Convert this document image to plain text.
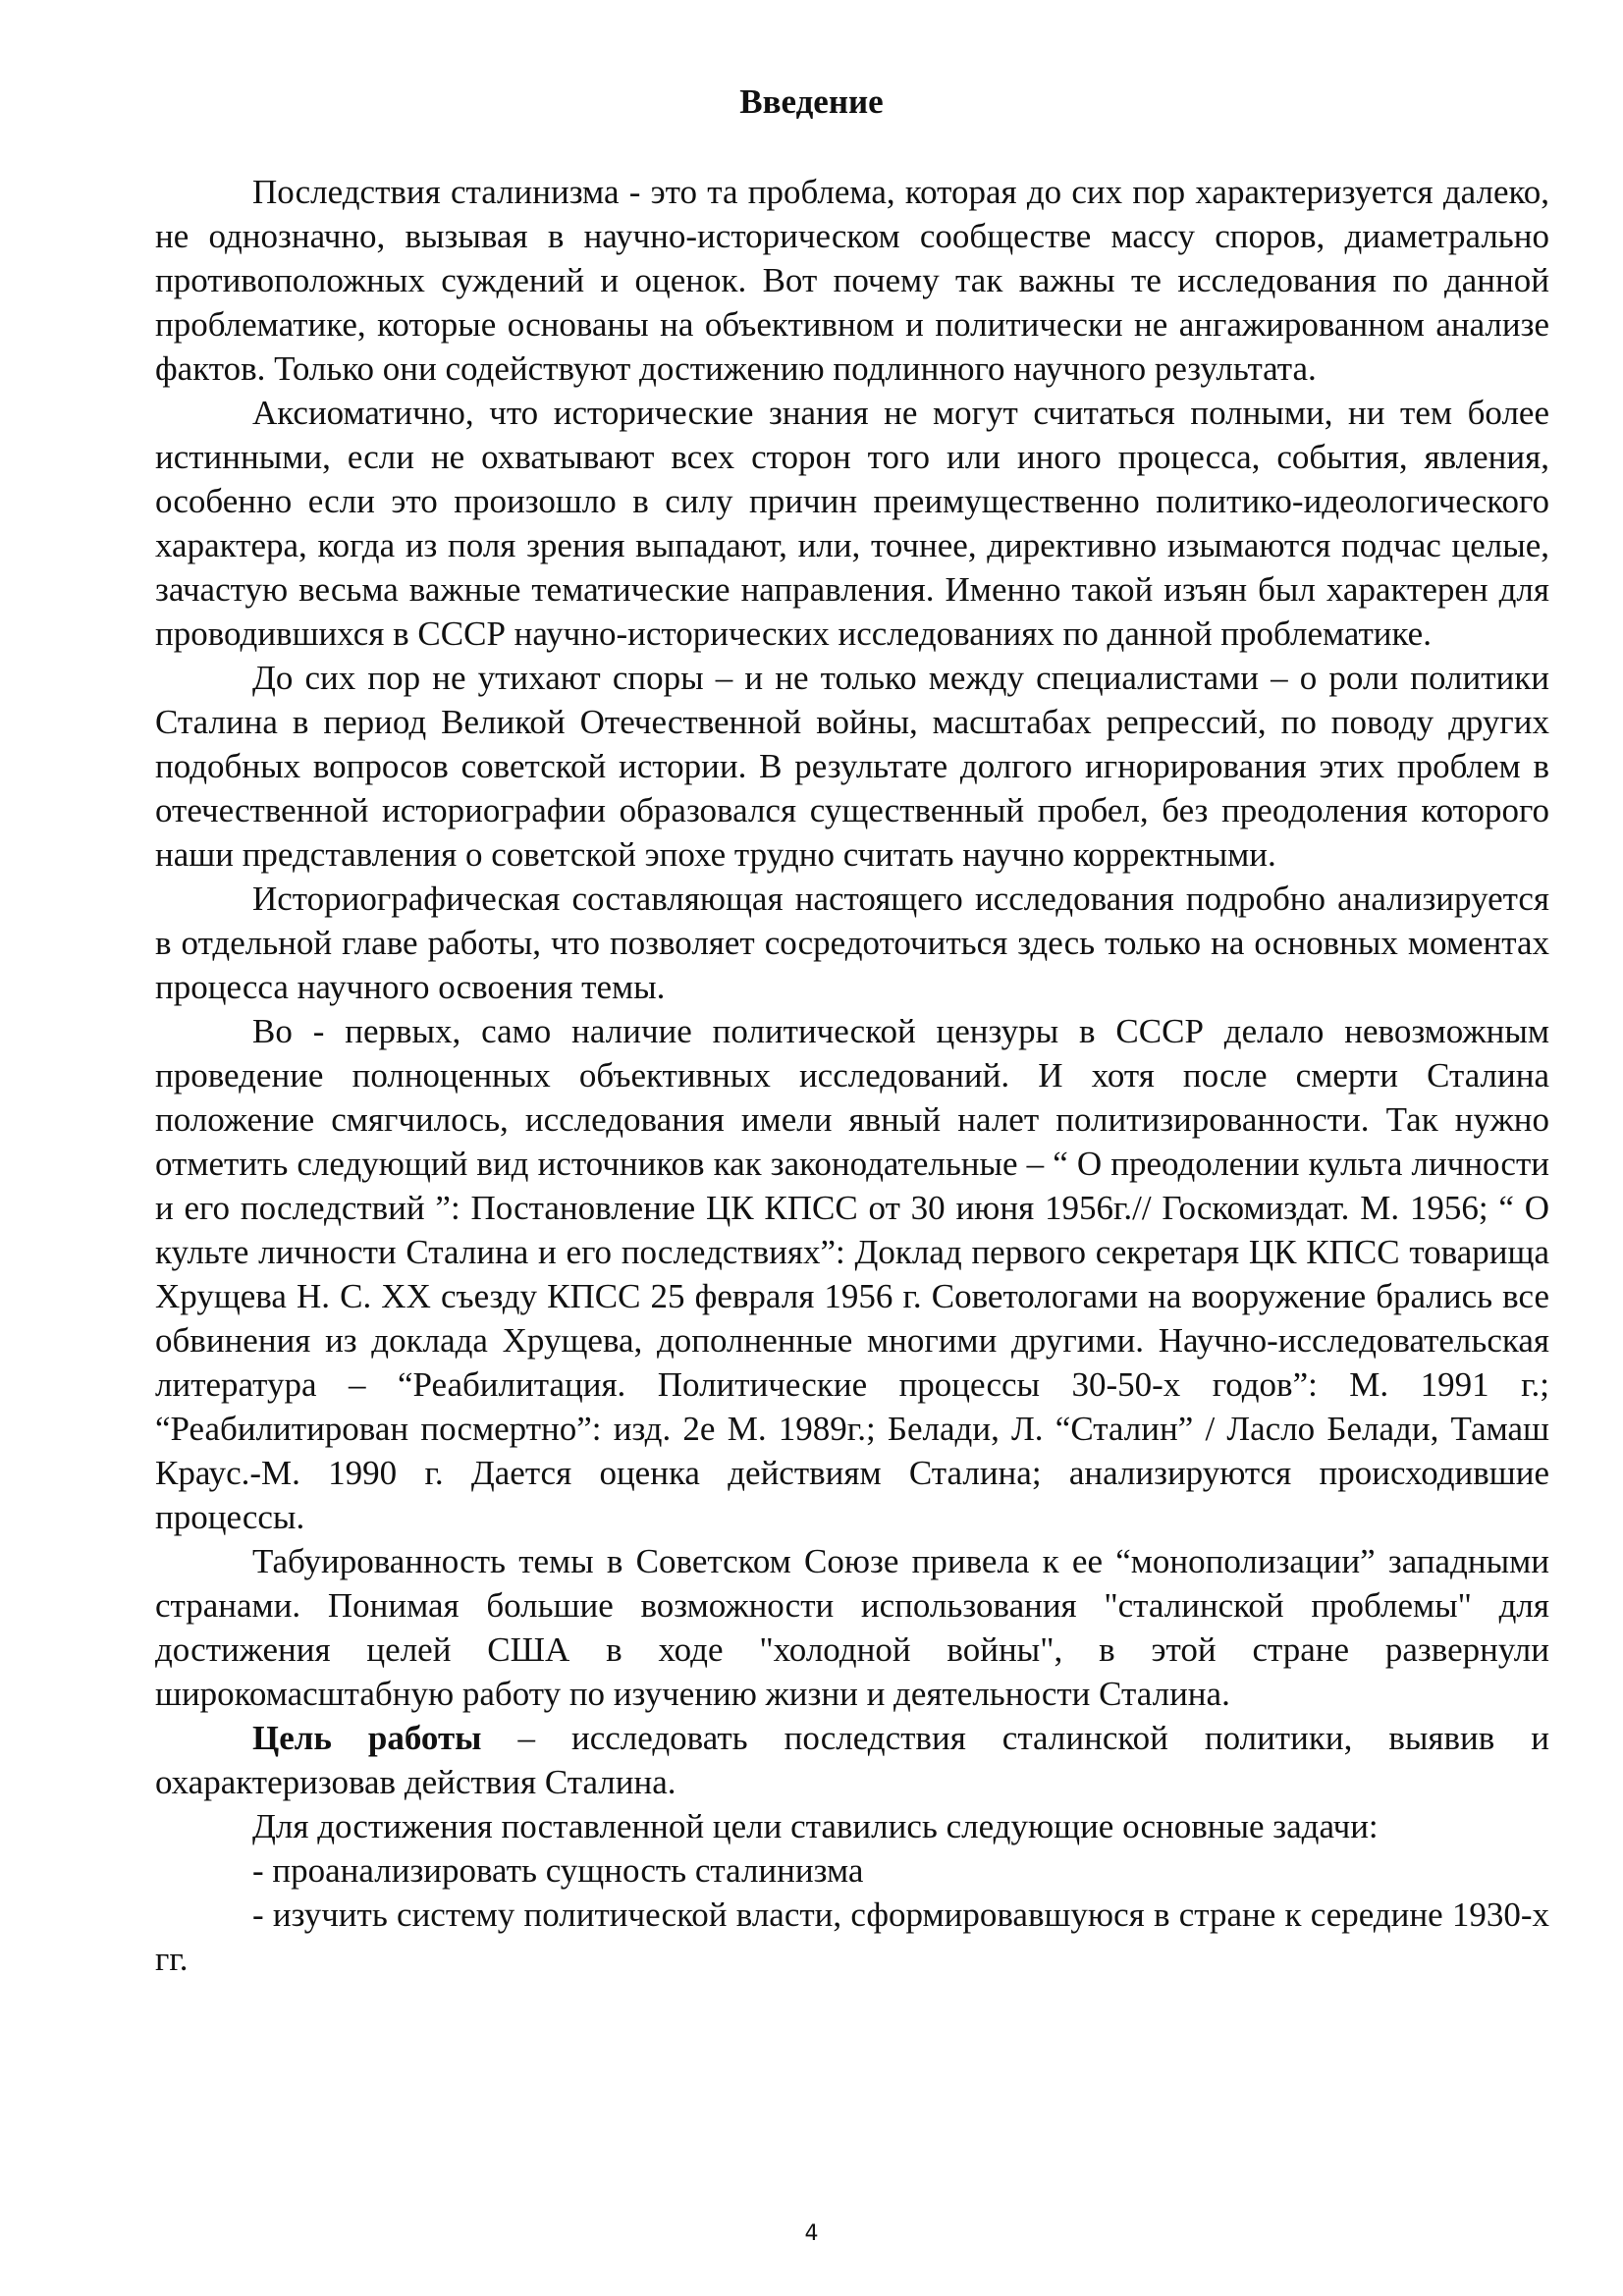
Введение

Последствия сталинизма - это та проблема, которая до сих пор характеризуется далеко, не однозначно, вызывая в научно-историческом сообществе массу споров, диаметрально противоположных суждений и оценок. Вот почему так важны те исследования по данной проблематике, которые основаны на объективном и политически не ангажированном анализе фактов. Только они содействуют достижению подлинного научного результата.

Аксиоматично, что исторические знания не могут считаться полными, ни тем более истинными, если не охватывают всех сторон того или иного процесса, события, явления, особенно если это произошло в силу причин преимущественно политико-идеологического характера, когда из поля зрения выпадают, или, точнее, директивно изымаются подчас целые, зачастую весьма важные тематические направления. Именно такой изъян был характерен для проводившихся в СССР научно-исторических исследованиях по данной проблематике.

До сих пор не утихают споры – и не только между специалистами – о роли политики Сталина в период Великой Отечественной войны, масштабах репрессий, по поводу других подобных вопросов советской истории. В результате долгого игнорирования этих проблем в отечественной историографии образовался существенный пробел, без преодоления которого наши представления о советской эпохе трудно считать научно корректными.

Историографическая составляющая настоящего исследования подробно анализируется в отдельной главе работы, что позволяет сосредоточиться здесь только на основных моментах процесса научного освоения темы.

Во - первых, само наличие политической цензуры в СССР делало невозможным проведение полноценных объективных исследований. И хотя после смерти Сталина положение смягчилось, исследования имели явный налет политизированности. Так нужно отметить следующий вид источников как законодательные – “ О преодолении культа личности и его последствий ”: Постановление ЦК КПСС от 30 июня 1956г.// Госкомиздат. М. 1956; “ О культе личности Сталина и его последствиях”: Доклад первого секретаря ЦК КПСС товарища Хрущева Н. С. XX съезду КПСС 25 февраля 1956 г. Советологами на вооружение брались все обвинения из доклада Хрущева, дополненные многими другими. Научно-исследовательская литература – “Реабилитация. Политические процессы 30-50-х годов”: М. 1991 г.; “Реабилитирован посмертно”: изд. 2е М. 1989г.; Белади, Л. “Сталин” / Ласло Белади, Тамаш Краус.-М. 1990 г. Дается оценка действиям Сталина; анализируются происходившие процессы.

Табуированность темы в Советском Союзе привела к ее “монополизации” западными странами. Понимая большие возможности использования "сталинской проблемы" для достижения целей США в ходе "холодной войны", в этой стране развернули широкомасштабную работу по изучению жизни и деятельности Сталина.

Цель работы – исследовать последствия сталинской политики, выявив и охарактеризовав действия Сталина.

Для достижения поставленной цели ставились следующие основные задачи:

- проанализировать сущность сталинизма

- изучить систему политической власти, сформировавшуюся в стране к середине 1930-х гг.

4
